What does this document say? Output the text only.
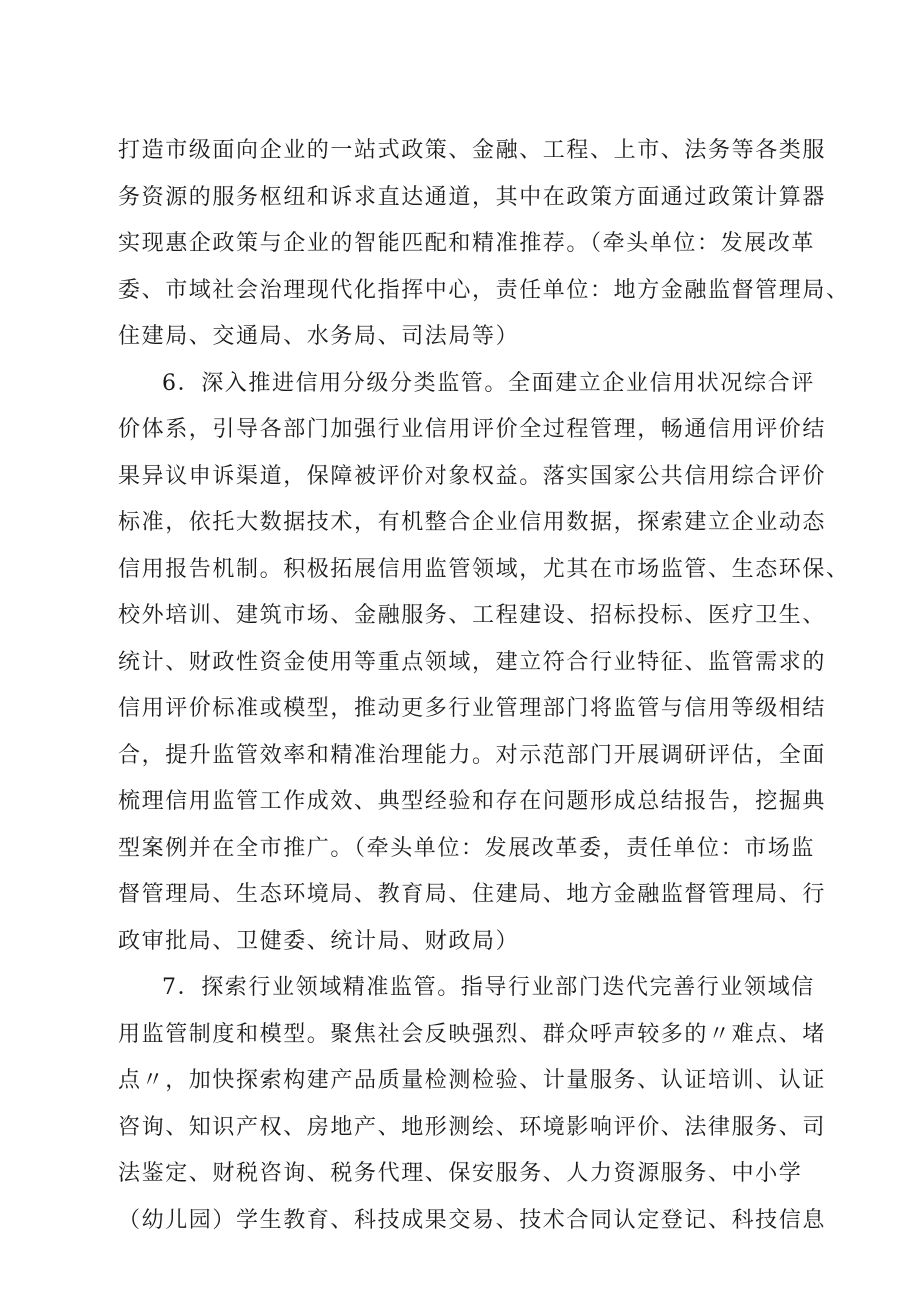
打造市级面向企业的一站式政策、金融、工程、上市、法务等各类服
务资源的服务枢纽和诉求直达通道，其中在政策方面通过政策计算器
实现惠企政策与企业的智能匹配和精准推荐。（牵头单位：发展改革
委、市域社会治理现代化指挥中心，责任单位：地方金融监督管理局、
住建局、交通局、水务局、司法局等）
6．深入推进信用分级分类监管。全面建立企业信用状况综合评
价体系，引导各部门加强行业信用评价全过程管理，畅通信用评价结
果异议申诉渠道，保障被评价对象权益。落实国家公共信用综合评价
标准，依托大数据技术，有机整合企业信用数据，探索建立企业动态
信用报告机制。积极拓展信用监管领域，尤其在市场监管、生态环保、
校外培训、建筑市场、金融服务、工程建设、招标投标、医疗卫生、
统计、财政性资金使用等重点领域，建立符合行业特征、监管需求的
信用评价标准或模型，推动更多行业管理部门将监管与信用等级相结
合，提升监管效率和精准治理能力。对示范部门开展调研评估，全面
梳理信用监管工作成效、典型经验和存在问题形成总结报告，挖掘典
型案例并在全市推广。（牵头单位：发展改革委，责任单位：市场监
督管理局、生态环境局、教育局、住建局、地方金融监督管理局、行
政审批局、卫健委、统计局、财政局）
7．探索行业领域精准监管。指导行业部门迭代完善行业领域信
用监管制度和模型。聚焦社会反映强烈、群众呼声较多的〃难点、堵
点〃，加快探索构建产品质量检测检验、计量服务、认证培训、认证
咨询、知识产权、房地产、地形测绘、环境影响评价、法律服务、司
法鉴定、财税咨询、税务代理、保安服务、人力资源服务、中小学
（幼儿园）学生教育、科技成果交易、技术合同认定登记、科技信息
